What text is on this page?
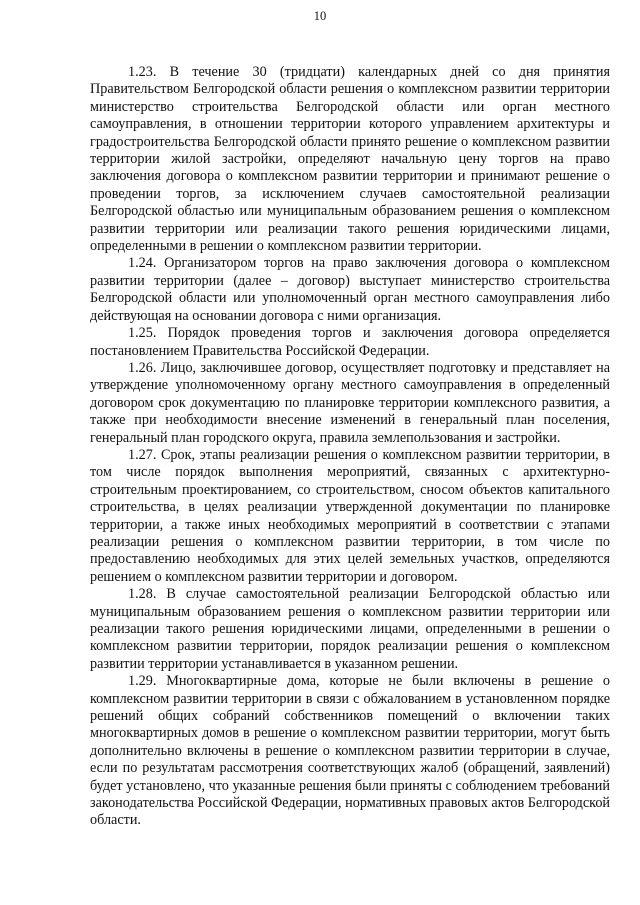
10

1.23. В течение 30 (тридцати) календарных дней со дня принятия Правительством Белгородской области решения о комплексном развитии территории министерство строительства Белгородской области или орган местного самоуправления, в отношении территории которого управлением архитектуры и градостроительства Белгородской области принято решение о комплексном развитии территории жилой застройки, определяют начальную цену торгов на право заключения договора о комплексном развитии территории и принимают решение о проведении торгов, за исключением случаев самостоятельной реализации Белгородской областью или муниципальным образованием решения о комплексном развитии территории или реализации такого решения юридическими лицами, определенными в решении о комплексном развитии территории.

1.24. Организатором торгов на право заключения договора о комплексном развитии территории (далее – договор) выступает министерство строительства Белгородской области или уполномоченный орган местного самоуправления либо действующая на основании договора с ними организация.

1.25. Порядок проведения торгов и заключения договора определяется постановлением Правительства Российской Федерации.

1.26. Лицо, заключившее договор, осуществляет подготовку и представляет на утверждение уполномоченному органу местного самоуправления в определенный договором срок документацию по планировке территории комплексного развития, а также при необходимости внесение изменений в генеральный план поселения, генеральный план городского округа, правила землепользования и застройки.

1.27. Срок, этапы реализации решения о комплексном развитии территории, в том числе порядок выполнения мероприятий, связанных с архитектурно-строительным проектированием, со строительством, сносом объектов капитального строительства, в целях реализации утвержденной документации по планировке территории, а также иных необходимых мероприятий в соответствии с этапами реализации решения о комплексном развитии территории, в том числе по предоставлению необходимых для этих целей земельных участков, определяются решением о комплексном развитии территории и договором.

1.28. В случае самостоятельной реализации Белгородской областью или муниципальным образованием решения о комплексном развитии территории или реализации такого решения юридическими лицами, определенными в решении о комплексном развитии территории, порядок реализации решения о комплексном развитии территории устанавливается в указанном решении.

1.29. Многоквартирные дома, которые не были включены в решение о комплексном развитии территории в связи с обжалованием в установленном порядке решений общих собраний собственников помещений о включении таких многоквартирных домов в решение о комплексном развитии территории, могут быть дополнительно включены в решение о комплексном развитии территории в случае, если по результатам рассмотрения соответствующих жалоб (обращений, заявлений) будет установлено, что указанные решения были приняты с соблюдением требований законодательства Российской Федерации, нормативных правовых актов Белгородской области.
